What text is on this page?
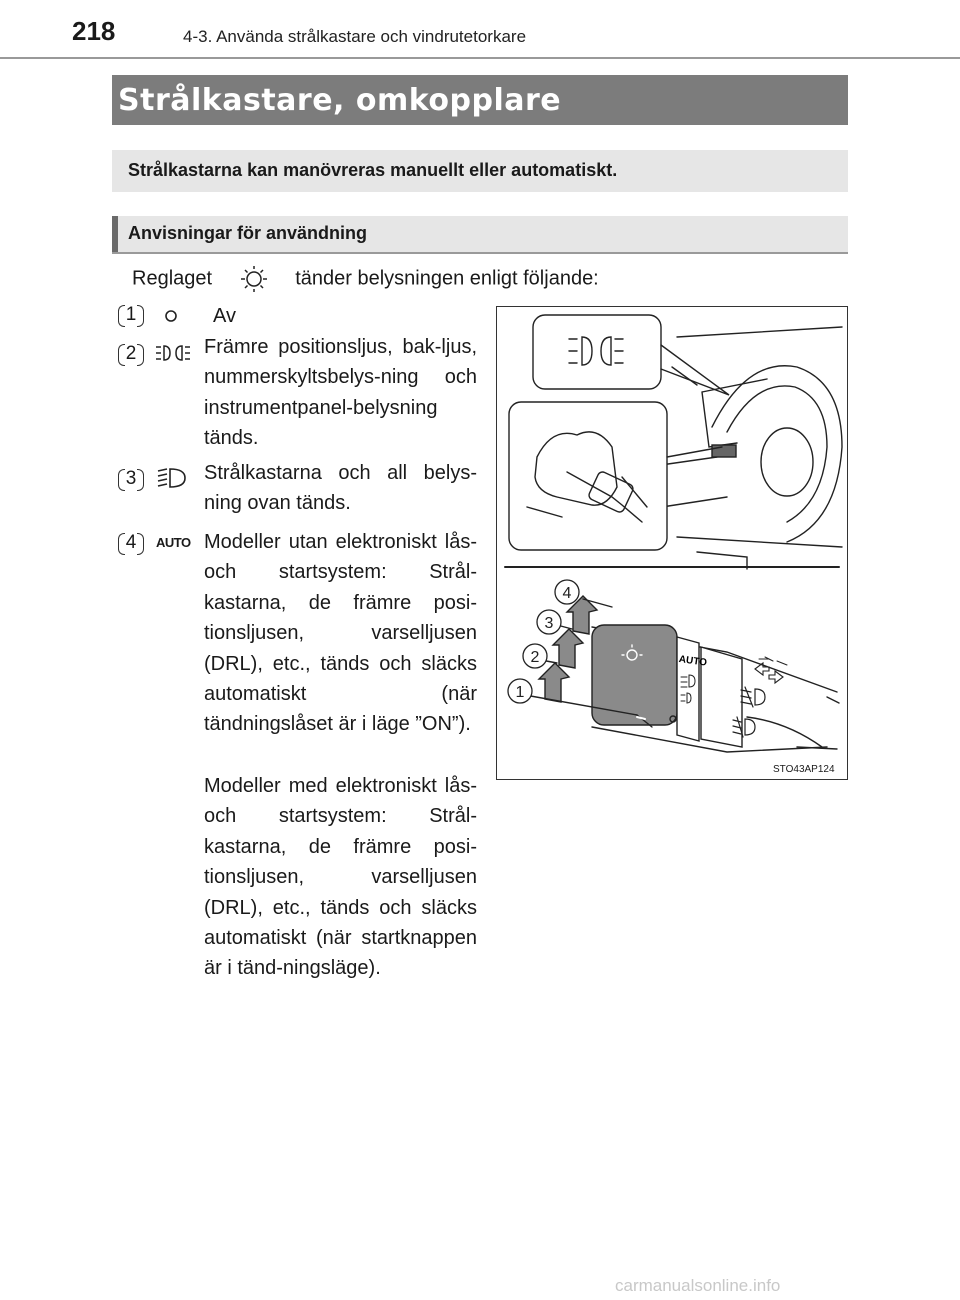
218	4-3. Använda strålkastare och vindrutetorkare
Strålkastare, omkopplare
Strålkastarna kan manövreras manuellt eller automatiskt.
Anvisningar för användning
Reglaget	tänder belysningen enligt följande:
1	Av
2	Främre positionsljus, bak-ljus, nummerskyltsbelys-ning och instrumentpanel-belysning tänds.
3	Strålkastarna och all belys-ning ovan tänds.
4	AUTO Modeller utan elektroniskt lås- och startsystem: Strål-kastarna, de främre posi-tionsljusen, varselljusen (DRL), etc., tänds och släcks automatiskt (när tändningslåset är i läge ”ON”).
Modeller med elektroniskt lås- och startsystem: Strål-kastarna, de främre posi-tionsljusen, varselljusen (DRL), etc., tänds och släcks automatiskt (när startknappen är i tänd-ningsläge).
AUTO
1
2
3
4
STO43AP124
carmanualsonline.info
